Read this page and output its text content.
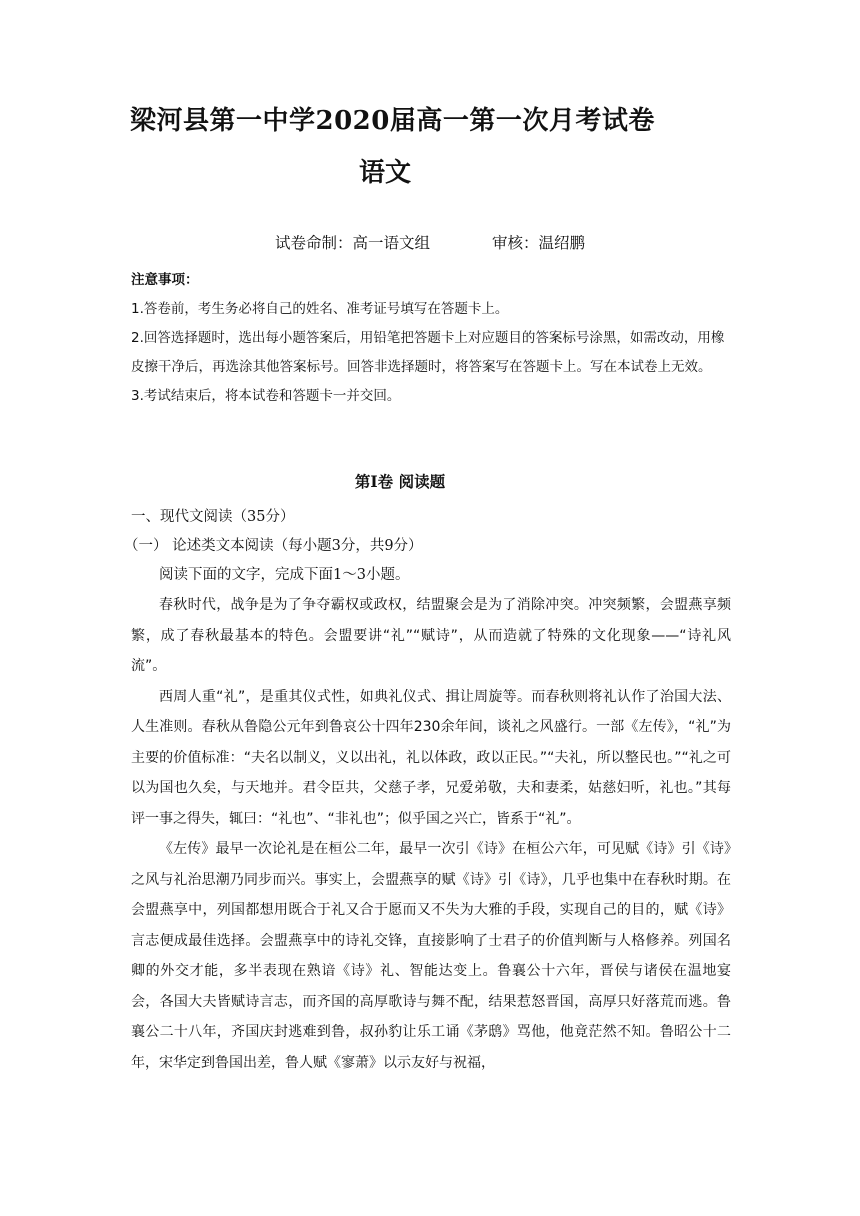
梁河县第一中学2020届高一第一次月考试卷
语文
试卷命制：高一语文组	审核：温绍鹏

注意事项：

1.答卷前，考生务必将自己的姓名、准考证号填写在答题卡上。

2.回答选择题时，选出每小题答案后，用铅笔把答题卡上对应题目的答案标号涂黑，如需改动，用橡皮擦干净后，再选涂其他答案标号。回答非选择题时，将答案写在答题卡上。写在本试卷上无效。

3.考试结束后，将本试卷和答题卡一并交回。

第Ⅰ卷 阅读题
一、现代文阅读（35分）
（一） 论述类文本阅读（每小题3分，共9分）
阅读下面的文字，完成下面1～3小题。

春秋时代，战争是为了争夺霸权或政权，结盟聚会是为了消除冲突。冲突频繁，会盟燕享频繁，成了春秋最基本的特色。会盟要讲“礼”“赋诗”，从而造就了特殊的文化现象——“诗礼风流”。

西周人重“礼”，是重其仪式性，如典礼仪式、揖让周旋等。而春秋则将礼认作了治国大法、人生准则。春秋从鲁隐公元年到鲁哀公十四年230余年间，谈礼之风盛行。一部《左传》，“礼”为主要的价值标准：“夫名以制义，义以出礼，礼以体政，政以正民。”“夫礼，所以整民也。”“礼之可以为国也久矣，与天地并。君令臣共，父慈子孝，兄爱弟敬，夫和妻柔，姑慈妇听，礼也。”其每评一事之得失，辄曰：“礼也”、“非礼也”；似乎国之兴亡，皆系于“礼”。

《左传》最早一次论礼是在桓公二年，最早一次引《诗》在桓公六年，可见赋《诗》引《诗》之风与礼治思潮乃同步而兴。事实上，会盟燕享的赋《诗》引《诗》，几乎也集中在春秋时期。在会盟燕享中，列国都想用既合于礼又合于愿而又不失为大雅的手段，实现自己的目的，赋《诗》言志便成最佳选择。会盟燕享中的诗礼交锋，直接影响了士君子的价值判断与人格修养。列国名卿的外交才能，多半表现在熟谙《诗》礼、智能达变上。鲁襄公十六年，晋侯与诸侯在温地宴会，各国大夫皆赋诗言志，而齐国的高厚歌诗与舞不配，结果惹怒晋国，高厚只好落荒而逃。鲁襄公二十八年，齐国庆封逃难到鲁，叔孙豹让乐工诵《茅鸱》骂他，他竟茫然不知。鲁昭公十二年，宋华定到鲁国出差，鲁人赋《寥萧》以示友好与祝福，
